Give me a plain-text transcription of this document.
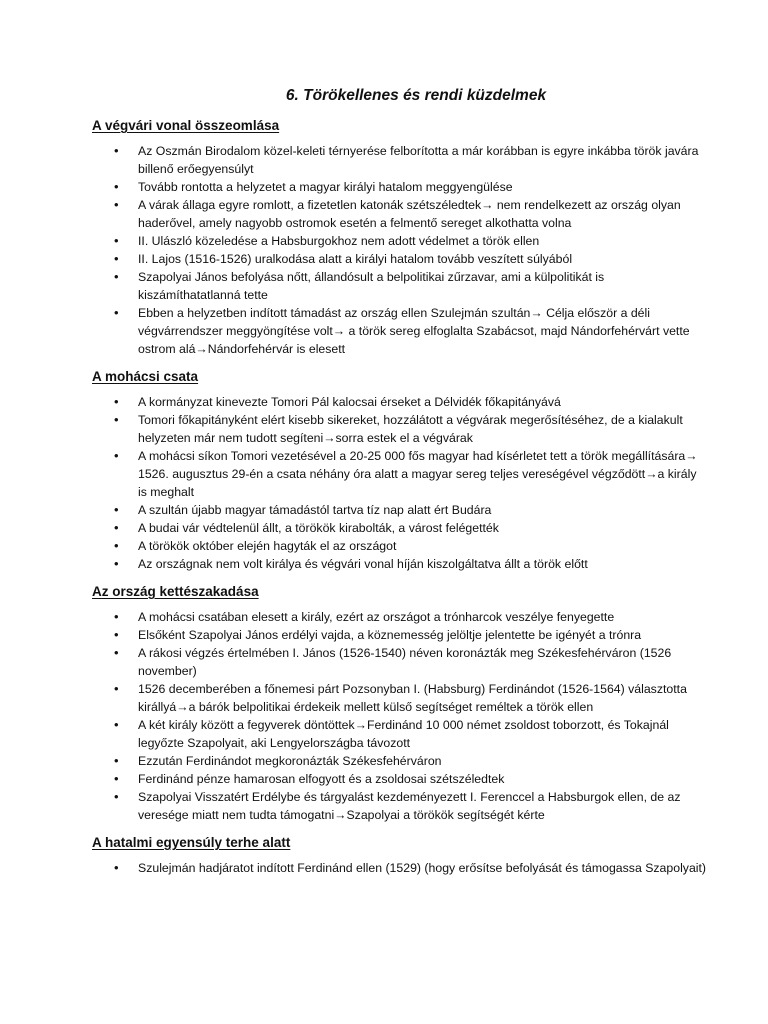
6. Törökellenes és rendi küzdelmek
A végvári vonal összeomlása
• Az Oszmán Birodalom közel-keleti térnyerése felborította a már korábban is egyre inkábba török javára billenő erőegyensúlyt
• Tovább rontotta a helyzetet a magyar királyi hatalom meggyengülése
• A várak állaga egyre romlott, a fizetetlen katonák szétszéledtek→ nem rendelkezett az ország olyan haderővel, amely nagyobb ostromok esetén a felmentő sereget alkothatta volna
• II. Ulászló közeledése a Habsburgokhoz nem adott védelmet a török ellen
• II. Lajos (1516-1526) uralkodása alatt a királyi hatalom tovább veszített súlyából
• Szapolyai János befolyása nőtt, állandósult a belpolitikai zűrzavar, ami a külpolitikát is kiszámíthatatlanná tette
• Ebben a helyzetben indított támadást az ország ellen Szulejmán szultán→ Célja először a déli végvárrendszer meggyöngítése volt→ a török sereg elfoglalta Szabácsot, majd Nándorfehérvárt vette ostrom alá→Nándorfehérvár is elesett
A mohácsi csata
• A kormányzat kinevezte Tomori Pál kalocsai érseket a Délvidék főkapitányává
• Tomori főkapitányként elért kisebb sikereket, hozzálátott a végvárak megerősítéséhez, de a kialakult helyzeten már nem tudott segíteni→sorra estek el a végvárak
• A mohácsi síkon Tomori vezetésével a 20-25 000 fős magyar had kísérletet tett a török megállítására→ 1526. augusztus 29-én a csata néhány óra alatt a magyar sereg teljes vereségével végződött→a király is meghalt
• A szultán újabb magyar támadástól tartva tíz nap alatt ért Budára
• A budai vár védtelenül állt, a törökök kirabolták, a várost felégették
• A törökök október elején hagyták el az országot
• Az országnak nem volt királya és végvári vonal híján kiszolgáltatva állt a török előtt
Az ország kettészakadása
• A mohácsi csatában elesett a király, ezért az országot a trónharcok veszélye fenyegette
• Elsőként Szapolyai János erdélyi vajda, a köznemesség jelöltje jelentette be igényét a trónra
• A rákosi végzés értelmében I. János (1526-1540) néven koronázták meg Székesfehérváron (1526 november)
• 1526 decemberében a főnemesi párt Pozsonyban I. (Habsburg) Ferdinándot (1526-1564) választotta királlyá→a bárók belpolitikai érdekeik mellett külső segítséget reméltek a török ellen
• A két király között a fegyverek döntöttek→Ferdinánd 10 000 német zsoldost toborzott, és Tokajnál legyőzte Szapolyait, aki Lengyelországba távozott
• Ezzután Ferdinándot megkoronázták Székesfehérváron
• Ferdinánd pénze hamarosan elfogyott és a zsoldosai szétszéledtek
• Szapolyai Visszatért Erdélybe és tárgyalást kezdeményezett I. Ferenccel a Habsburgok ellen, de az veresége miatt nem tudta támogatni→Szapolyai a törökök segítségét kérte
A hatalmi egyensúly terhe alatt
• Szulejmán hadjáratot indított Ferdinánd ellen (1529) (hogy erősítse befolyását és támogassa Szapolyait)
